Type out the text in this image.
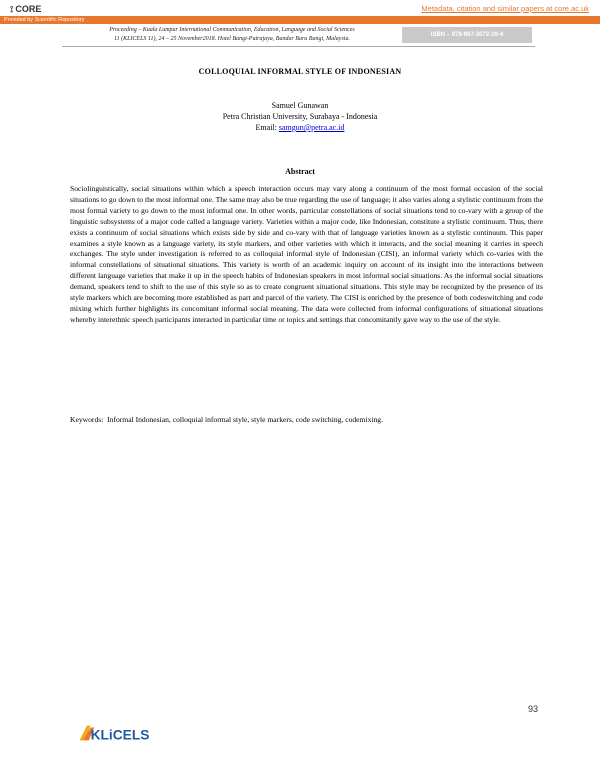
⟟ CORE	Metadata, citation and similar papers at core.ac.uk
Provided by Scientific Repository
Proceeding – Kuala Lumpur International Communication, Education, Language and Social Sciences
11 (KLICELS 11), 24 – 25 November2018. Hotel Bangi-Putrajaya, Bandar Baru Bangi, Malaysia.
ISBN – 978-967-2072-29-4
COLLOQUIAL INFORMAL STYLE OF INDONESIAN
Samuel Gunawan
Petra Christian University, Surabaya - Indonesia
Email: samgun@petra.ac.id
Abstract

Sociolinguistically, social situations within which a speech interaction occurs may vary along a continuum of the most formal occasion of the social situations to go down to the most informal one. The same may also be true regarding the use of language; it also varies along a stylistic continuum from the most formal variety to go down to the most informal one. In other words, particular constellations of social situations tend to co-vary with a group of the linguistic subsystems of a major code called a language variety. Varieties within a major code, like Indonesian, constitute a stylistic continuum. Thus, there exists a continuum of social situations which exists side by side and co-vary with that of language varieties known as a stylistic continuum. This paper examines a style known as a language variety, its style markers, and other varieties with which it interacts, and the social meaning it carries in speech exchanges. The style under investigation is referred to as colloquial informal style of Indonesian (CISI), an informal variety which co-varies with the informal constellations of situational situations. This variety is worth of an academic inquiry on account of its insight into the interactions between different language varieties that make it up in the speech habits of Indonesian speakers in most informal social situations. As the informal social situations demand, speakers tend to shift to the use of this style so as to create congruent situational situations. This style may be recognized by the presence of its style markers which are becoming more established as part and parcel of the variety. The CISI is enriched by the presence of both codeswitching and code mixing which further highlights its concomitant informal social meaning. The data were collected from informal configurations of situational situations whereby interethnic speech participants interacted in particular time or topics and settings that concomitantly gave way to the use of the style.

Keywords: Informal Indonesian, colloquial informal style, style markers, code switching, codemixing.

93
KLiCELS
